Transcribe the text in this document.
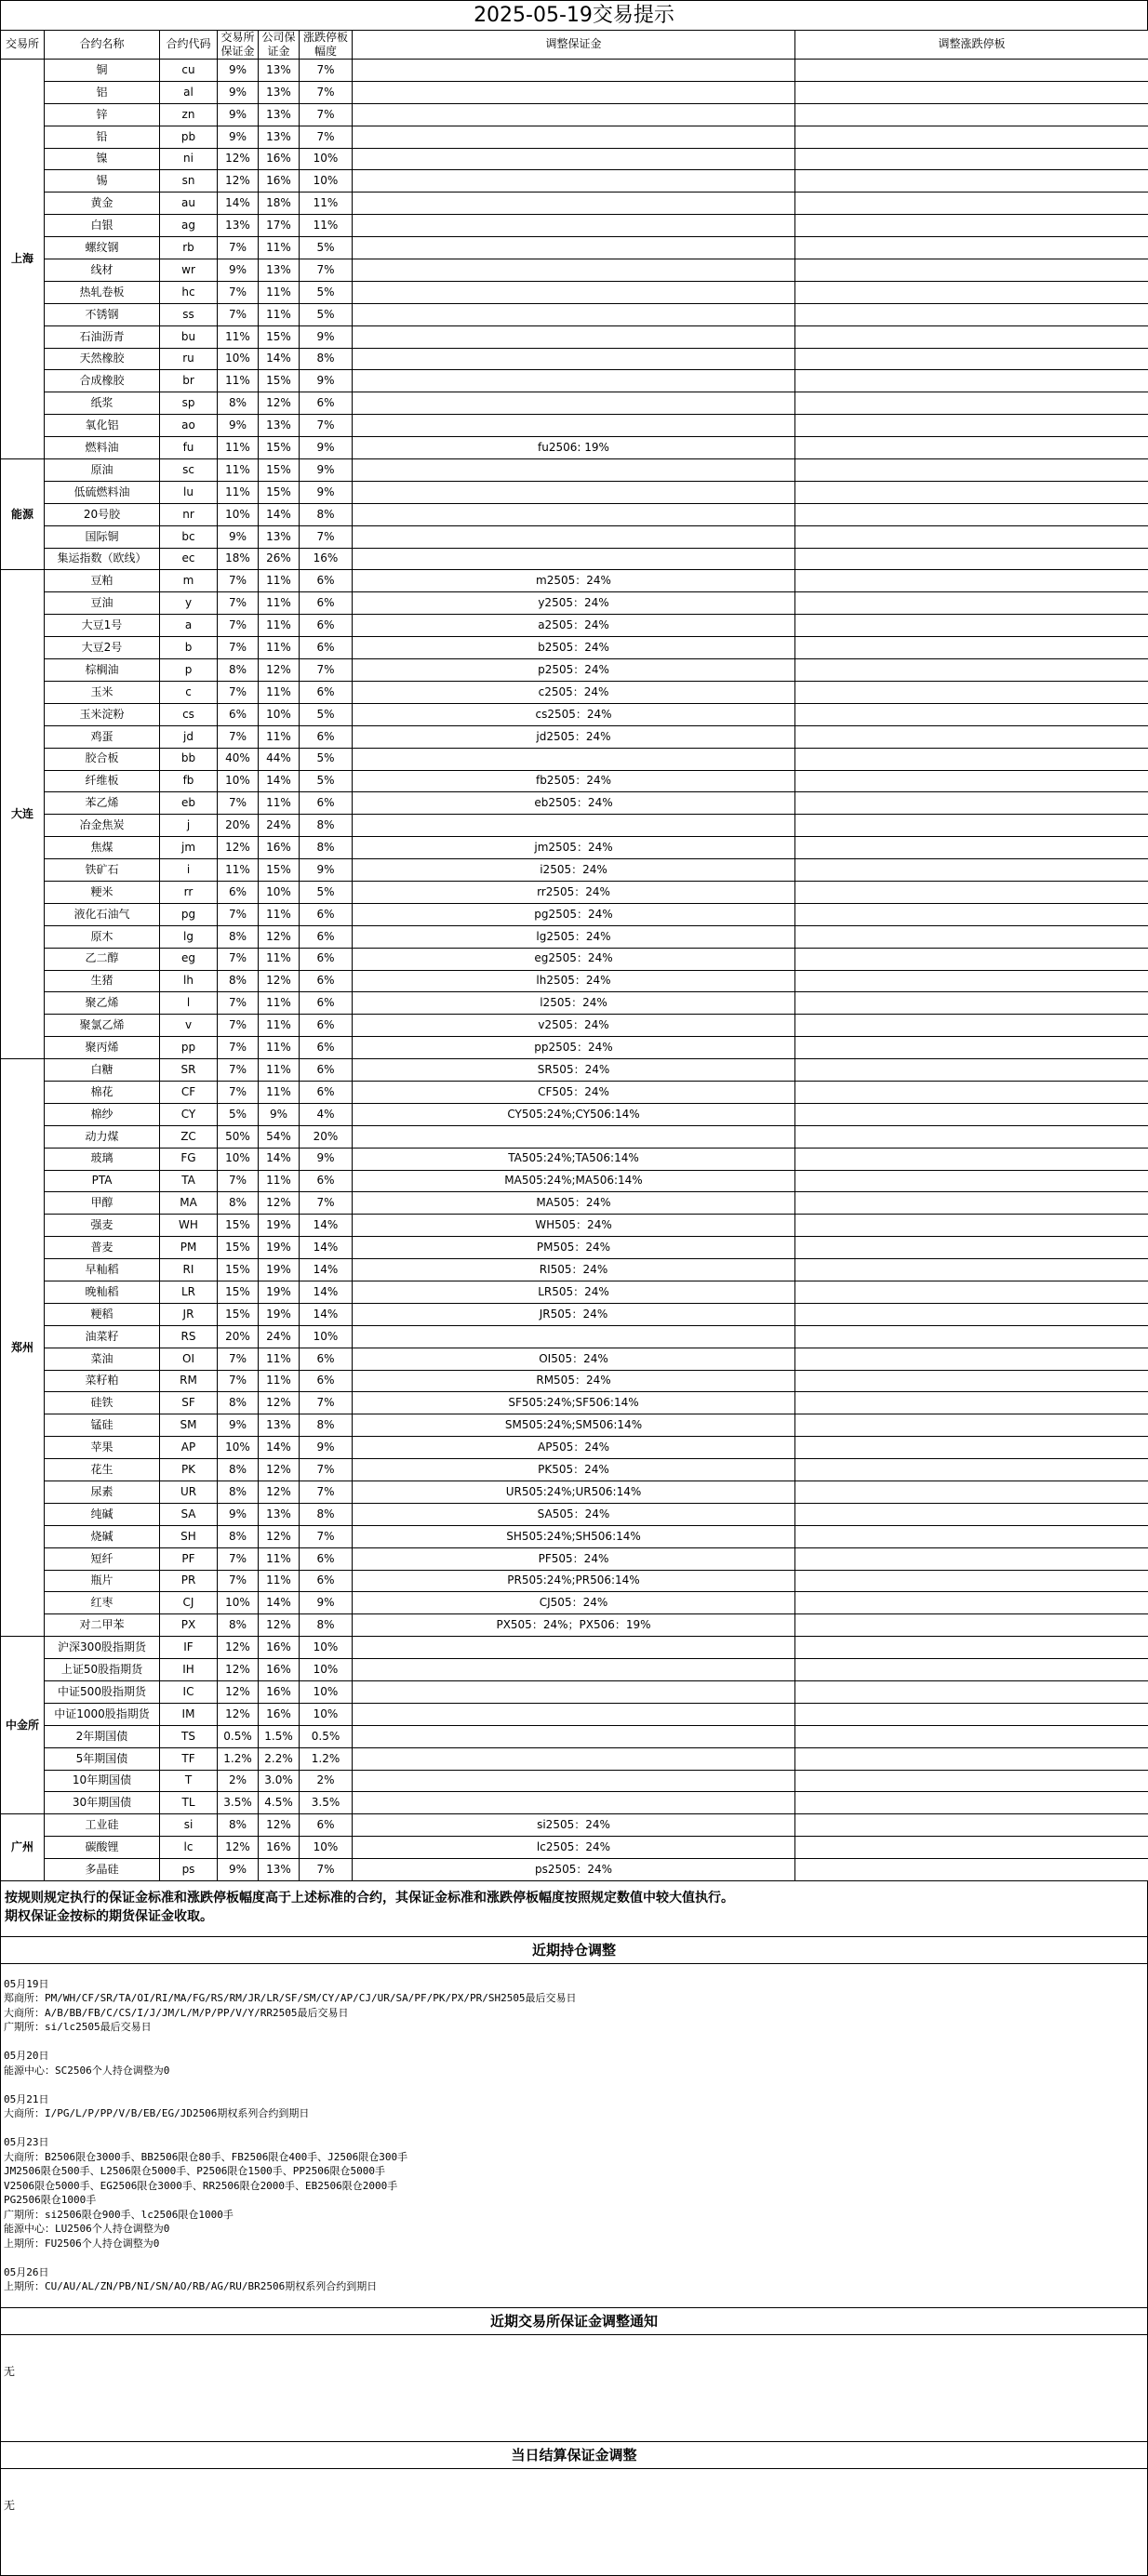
2025-05-19交易提示
交易所	合约名称	合约代码	交易所保证金	公司保证金	涨跌停板幅度	调整保证金	调整涨跌停板
上海	铜	cu	9%	13%	7%		
	铝	al	9%	13%	7%		
	锌	zn	9%	13%	7%		
	铅	pb	9%	13%	7%		
	镍	ni	12%	16%	10%		
	锡	sn	12%	16%	10%		
	黄金	au	14%	18%	11%		
	白银	ag	13%	17%	11%		
	螺纹钢	rb	7%	11%	5%		
	线材	wr	9%	13%	7%		
	热轧卷板	hc	7%	11%	5%		
	不锈钢	ss	7%	11%	5%		
	石油沥青	bu	11%	15%	9%		
	天然橡胶	ru	10%	14%	8%		
	合成橡胶	br	11%	15%	9%		
	纸浆	sp	8%	12%	6%		
	氧化铝	ao	9%	13%	7%		
	燃料油	fu	11%	15%	9%	fu2506: 19%	
能源	原油	sc	11%	15%	9%		
	低硫燃料油	lu	11%	15%	9%		
	20号胶	nr	10%	14%	8%		
	国际铜	bc	9%	13%	7%		
	集运指数（欧线）	ec	18%	26%	16%		
大连	豆粕	m	7%	11%	6%	m2505：24%	
	豆油	y	7%	11%	6%	y2505：24%	
	大豆1号	a	7%	11%	6%	a2505：24%	
	大豆2号	b	7%	11%	6%	b2505：24%	
	棕榈油	p	8%	12%	7%	p2505：24%	
	玉米	c	7%	11%	6%	c2505：24%	
	玉米淀粉	cs	6%	10%	5%	cs2505：24%	
	鸡蛋	jd	7%	11%	6%	jd2505：24%	
	胶合板	bb	40%	44%	5%		
	纤维板	fb	10%	14%	5%	fb2505：24%	
	苯乙烯	eb	7%	11%	6%	eb2505：24%	
	冶金焦炭	j	20%	24%	8%		
	焦煤	jm	12%	16%	8%	jm2505：24%	
	铁矿石	i	11%	15%	9%	i2505：24%	
	粳米	rr	6%	10%	5%	rr2505：24%	
	液化石油气	pg	7%	11%	6%	pg2505：24%	
	原木	lg	8%	12%	6%	lg2505：24%	
	乙二醇	eg	7%	11%	6%	eg2505：24%	
	生猪	lh	8%	12%	6%	lh2505：24%	
	聚乙烯	l	7%	11%	6%	l2505：24%	
	聚氯乙烯	v	7%	11%	6%	v2505：24%	
	聚丙烯	pp	7%	11%	6%	pp2505：24%	
郑州	白糖	SR	7%	11%	6%	SR505：24%	
	棉花	CF	7%	11%	6%	CF505：24%	
	棉纱	CY	5%	9%	4%	CY505:24%;CY506:14%	
	动力煤	ZC	50%	54%	20%		
	玻璃	FG	10%	14%	9%	TA505:24%;TA506:14%	
	PTA	TA	7%	11%	6%	MA505:24%;MA506:14%	
	甲醇	MA	8%	12%	7%	MA505：24%	
	强麦	WH	15%	19%	14%	WH505：24%	
	普麦	PM	15%	19%	14%	PM505：24%	
	早籼稻	RI	15%	19%	14%	RI505：24%	
	晚籼稻	LR	15%	19%	14%	LR505：24%	
	粳稻	JR	15%	19%	14%	JR505：24%	
	油菜籽	RS	20%	24%	10%		
	菜油	OI	7%	11%	6%	OI505：24%	
	菜籽粕	RM	7%	11%	6%	RM505：24%	
	硅铁	SF	8%	12%	7%	SF505:24%;SF506:14%	
	锰硅	SM	9%	13%	8%	SM505:24%;SM506:14%	
	苹果	AP	10%	14%	9%	AP505：24%	
	花生	PK	8%	12%	7%	PK505：24%	
	尿素	UR	8%	12%	7%	UR505:24%;UR506:14%	
	纯碱	SA	9%	13%	8%	SA505：24%	
	烧碱	SH	8%	12%	7%	SH505:24%;SH506:14%	
	短纤	PF	7%	11%	6%	PF505：24%	
	瓶片	PR	7%	11%	6%	PR505:24%;PR506:14%	
	红枣	CJ	10%	14%	9%	CJ505：24%	
	对二甲苯	PX	8%	12%	8%	PX505：24%；PX506：19%	
中金所	沪深300股指期货	IF	12%	16%	10%		
	上证50股指期货	IH	12%	16%	10%		
	中证500股指期货	IC	12%	16%	10%		
	中证1000股指期货	IM	12%	16%	10%		
	2年期国债	TS	0.5%	1.5%	0.5%		
	5年期国债	TF	1.2%	2.2%	1.2%		
	10年期国债	T	2%	3.0%	2%		
	30年期国债	TL	3.5%	4.5%	3.5%		
广州	工业硅	si	8%	12%	6%	si2505：24%	
	碳酸锂	lc	12%	16%	10%	lc2505：24%	
	多晶硅	ps	9%	13%	7%	ps2505：24%	
按规则规定执行的保证金标准和涨跌停板幅度高于上述标准的合约，其保证金标准和涨跌停板幅度按照规定数值中较大值执行。
期权保证金按标的期货保证金收取。
近期持仓调整
05月19日
郑商所：PM/WH/CF/SR/TA/OI/RI/MA/FG/RS/RM/JR/LR/SF/SM/CY/AP/CJ/UR/SA/PF/PK/PX/PR/SH2505最后交易日
大商所：A/B/BB/FB/C/CS/I/J/JM/L/M/P/PP/V/Y/RR2505最后交易日
广期所：si/lc2505最后交易日

05月20日
能源中心：SC2506个人持仓调整为0

05月21日
大商所：I/PG/L/P/PP/V/B/EB/EG/JD2506期权系列合约到期日

05月23日
大商所：B2506限仓3000手、BB2506限仓80手、FB2506限仓400手、J2506限仓300手
JM2506限仓500手、L2506限仓5000手、P2506限仓1500手、PP2506限仓5000手
V2506限仓5000手、EG2506限仓3000手、RR2506限仓2000手、EB2506限仓2000手
PG2506限仓1000手
广期所：si2506限仓900手、lc2506限仓1000手
能源中心：LU2506个人持仓调整为0
上期所：FU2506个人持仓调整为0

05月26日
上期所：CU/AU/AL/ZN/PB/NI/SN/AO/RB/AG/RU/BR2506期权系列合约到期日
近期交易所保证金调整通知
无
当日结算保证金调整
无
